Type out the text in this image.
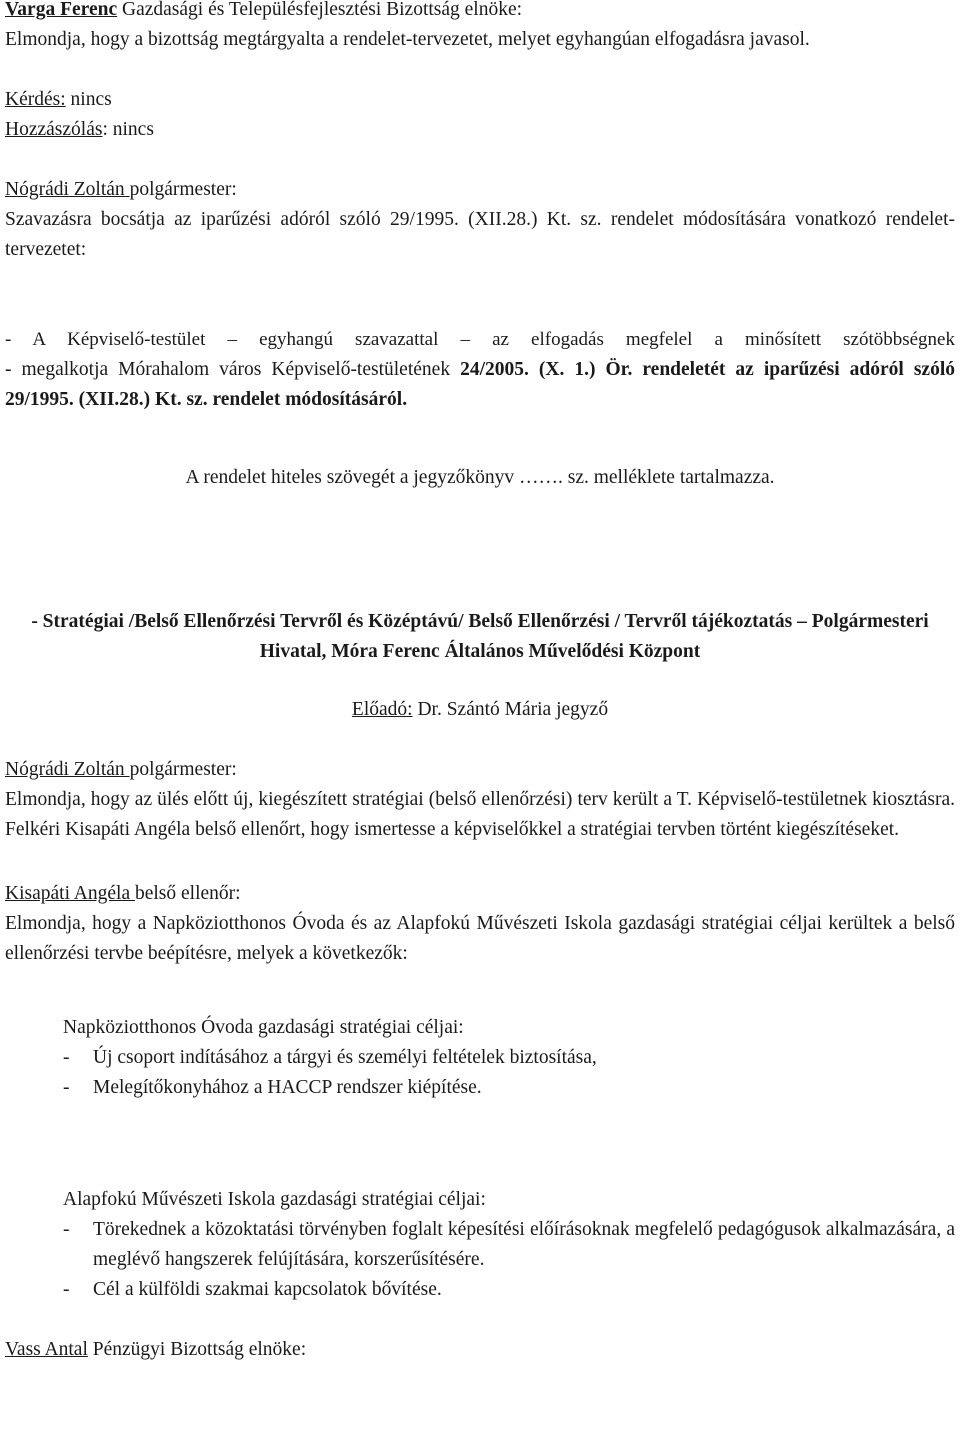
Varga Ferenc Gazdasági és Településfejlesztési Bizottság elnöke:

Elmondja, hogy a bizottság megtárgyalta a rendelet-tervezetet, melyet egyhangúan elfogadásra javasol.

Kérdés: nincs

Hozzászólás: nincs

Nógrádi Zoltán polgármester:

Szavazásra bocsátja az iparűzési adóról szóló 29/1995. (XII.28.) Kt. sz. rendelet módosítására vonatkozó rendelet-tervezetet:

- A Képviselő-testület – egyhangú szavazattal – az elfogadás megfelel a minősített szótöbbségnek

- megalkotja Mórahalom város Képviselő-testületének 24/2005. (X. 1.) Ör. rendeletét az iparűzési adóról szóló 29/1995. (XII.28.) Kt. sz. rendelet módosításáról.

A rendelet hiteles szövegét a jegyzőkönyv ……. sz. melléklete tartalmazza.

- Stratégiai /Belső Ellenőrzési Tervről és Középtávú/ Belső Ellenőrzési / Tervről tájékoztatás – Polgármesteri Hivatal, Móra Ferenc Általános Művelődési Központ

Előadó: Dr. Szántó Mária jegyző

Nógrádi Zoltán polgármester:

Elmondja, hogy az ülés előtt új, kiegészített stratégiai (belső ellenőrzési) terv került a T. Képviselő-testületnek kiosztásra. Felkéri Kisapáti Angéla belső ellenőrt, hogy ismertesse a képviselőkkel a stratégiai tervben történt kiegészítéseket.

Kisapáti Angéla belső ellenőr:

Elmondja, hogy a Napköziotthonos Óvoda és az Alapfokú Művészeti Iskola gazdasági stratégiai céljai kerültek a belső ellenőrzési tervbe beépítésre, melyek a következők:

Napköziotthonos Óvoda gazdasági stratégiai céljai:

-	Új csoport indításához a tárgyi és személyi feltételek biztosítása,
-	Melegítőkonyhához a HACCP rendszer kiépítése.

Alapfokú Művészeti Iskola gazdasági stratégiai céljai:

-	Törekednek a közoktatási törvényben foglalt képesítési előírásoknak megfelelő pedagógusok alkalmazására, a meglévő hangszerek felújítására, korszerűsítésére.
-	Cél a külföldi szakmai kapcsolatok bővítése.

Vass Antal Pénzügyi Bizottság elnöke:
